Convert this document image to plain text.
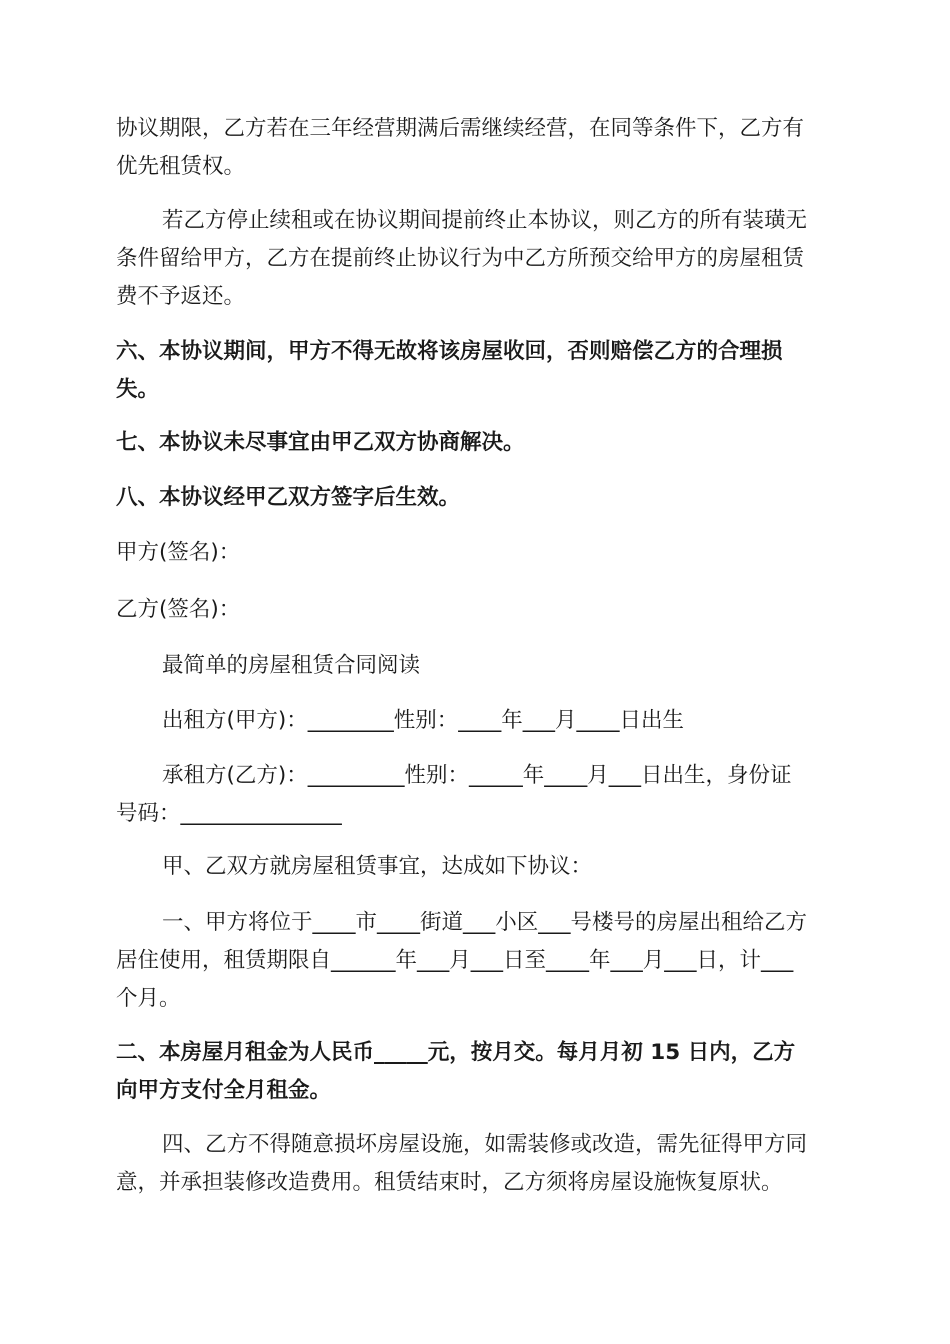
协议期限，乙方若在三年经营期满后需继续经营，在同等条件下，乙方有
优先租赁权。

若乙方停止续租或在协议期间提前终止本协议，则乙方的所有装璜无
条件留给甲方，乙方在提前终止协议行为中乙方所预交给甲方的房屋租赁
费不予返还。

六、本协议期间，甲方不得无故将该房屋收回，否则赔偿乙方的合理损
失。

七、本协议未尽事宜由甲乙双方协商解决。

八、本协议经甲乙双方签字后生效。

甲方(签名)：

乙方(签名)：

最简单的房屋租赁合同阅读

出租方(甲方)：________性别：____年___月____日出生

承租方(乙方)：_________性别：_____年____月___日出生，身份证
号码：_______________

甲、乙双方就房屋租赁事宜，达成如下协议：

一、甲方将位于____市____街道___小区___号楼号的房屋出租给乙方
居住使用，租赁期限自______年___月___日至____年___月___日，计___
个月。

二、本房屋月租金为人民币_____元，按月交。每月月初 15 日内，乙方
向甲方支付全月租金。

四、乙方不得随意损坏房屋设施，如需装修或改造，需先征得甲方同
意，并承担装修改造费用。租赁结束时，乙方须将房屋设施恢复原状。
